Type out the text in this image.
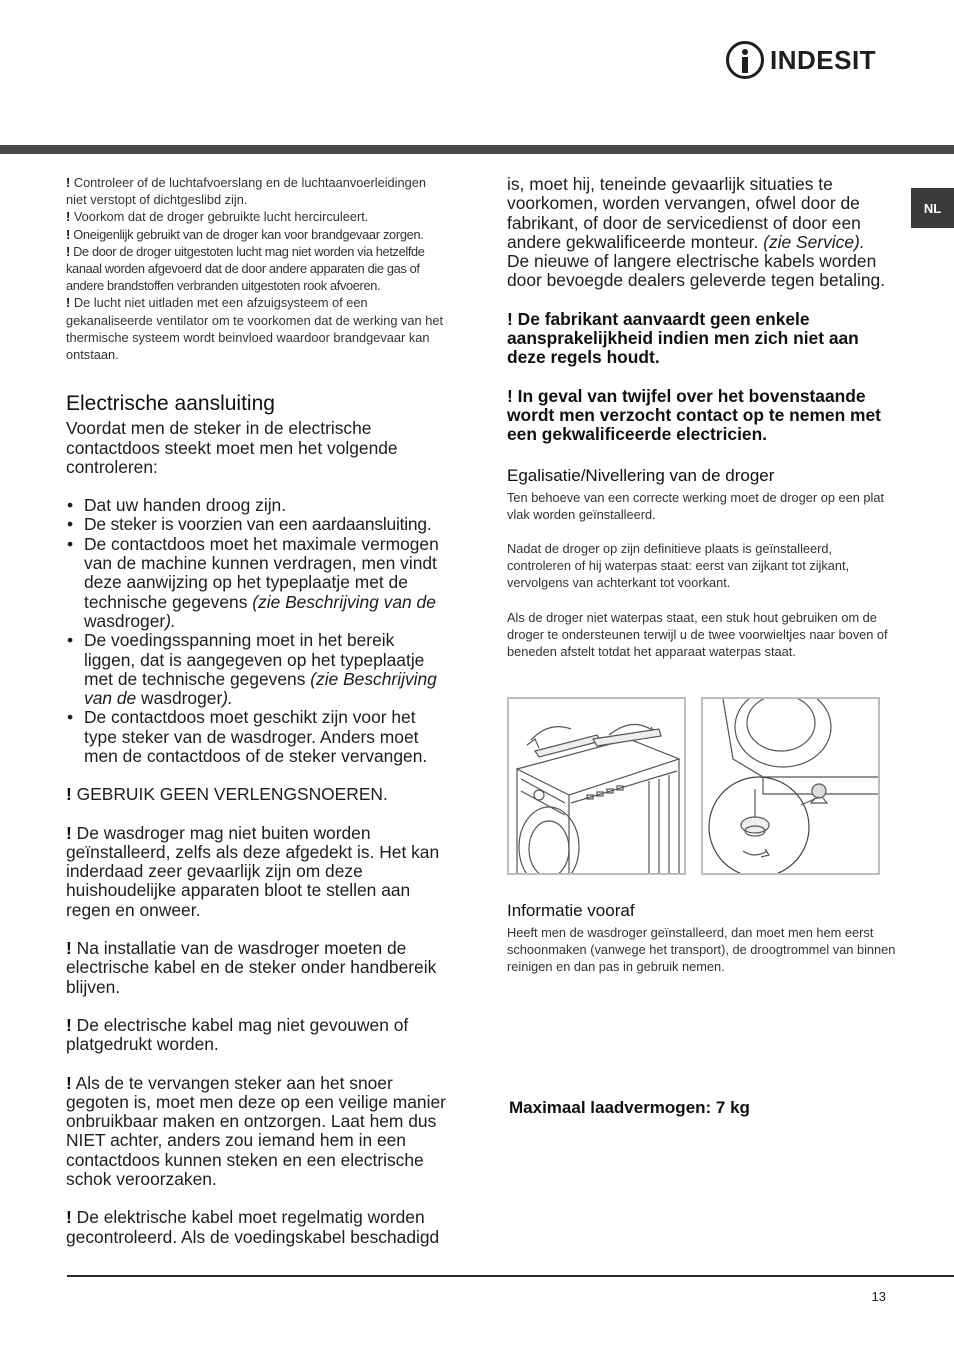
INDESIT
NL

! Controleer of de luchtafvoerslang en de luchtaanvoerleidingen niet verstopt of dichtgeslibd zijn.

! Voorkom dat de droger gebruikte lucht hercirculeert.

! Oneigenlijk gebruikt van de droger kan voor brandgevaar zorgen.

! De door de droger uitgestoten lucht mag niet worden via hetzelfde kanaal worden afgevoerd dat de door andere apparaten die gas of andere brandstoffen verbranden uitgestoten rook afvoeren.

! De lucht niet uitladen met een afzuigsysteem of een gekanaliseerde ventilator om te voorkomen dat de werking van het thermische systeem wordt beinvloed waardoor brandgevaar kan ontstaan.

Electrische aansluiting

Voordat men de steker in de electrische contactdoos steekt moet men het volgende controleren:

• Dat uw handen droog zijn.
• De steker is voorzien van een aardaansluiting.
• De contactdoos moet het maximale vermogen van de machine kunnen verdragen, men vindt deze aanwijzing op het typeplaatje met de technische gegevens (zie Beschrijving van de wasdroger).
• De voedingsspanning moet in het bereik liggen, dat is aangegeven op het typeplaatje met de technische gegevens (zie Beschrijving van de wasdroger).
• De contactdoos moet geschikt zijn voor het type steker van de wasdroger. Anders moet men de contactdoos of de steker vervangen.

! GEBRUIK GEEN VERLENGSNOEREN.

! De wasdroger mag niet buiten worden geïnstalleerd, zelfs als deze afgedekt is. Het kan inderdaad zeer gevaarlijk zijn om deze huishoudelijke apparaten bloot te stellen aan regen en onweer.

! Na installatie van de wasdroger moeten de electrische kabel en de steker onder handbereik blijven.

! De electrische kabel mag niet gevouwen of platgedrukt worden.

! Als de te vervangen steker aan het snoer gegoten is, moet men deze op een veilige manier onbruikbaar maken en ontzorgen. Laat hem dus NIET achter, anders zou iemand hem in een contactdoos kunnen steken en een electrische schok veroorzaken.

! De elektrische kabel moet regelmatig worden gecontroleerd. Als de voedingskabel beschadigd

is, moet hij, teneinde gevaarlijk situaties te voorkomen, worden vervangen, ofwel door de fabrikant, of door de servicedienst of door een andere gekwalificeerde monteur. (zie Service).
De nieuwe of langere electrische kabels worden door bevoegde dealers geleverde tegen betaling.

! De fabrikant aanvaardt geen enkele aansprakelijkheid indien men zich niet aan deze regels houdt.

! In geval van twijfel over het bovenstaande wordt men verzocht contact op te nemen met een gekwalificeerde electricien.

Egalisatie/Nivellering van de droger

Ten behoeve van een correcte werking moet de droger op een plat vlak worden geïnstalleerd.

Nadat de droger op zijn definitieve plaats is geïnstalleerd, controleren of hij waterpas staat: eerst van zijkant tot zijkant, vervolgens van achterkant tot voorkant.

Als de droger niet waterpas staat, een stuk hout gebruiken om de droger te ondersteunen terwijl u de twee voorwieltjes naar boven of beneden afstelt totdat het apparaat waterpas staat.

Informatie vooraf

Heeft men de wasdroger geïnstalleerd, dan moet men hem eerst schoonmaken (vanwege het transport), de droogtrommel van binnen reinigen en dan pas in gebruik nemen.

Maximaal laadvermogen: 7 kg

13
